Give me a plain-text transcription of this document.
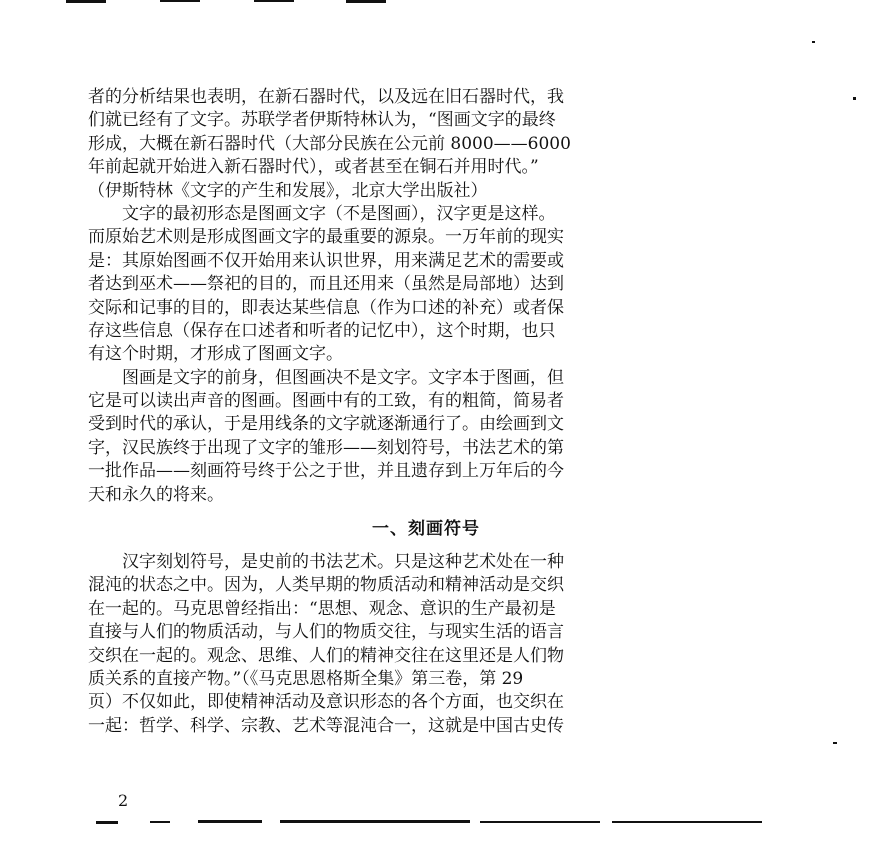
者的分析结果也表明，在新石器时代，以及远在旧石器时代，我
们就已经有了文字。苏联学者伊斯特林认为，“图画文字的最终
形成，大概在新石器时代（大部分民族在公元前 8000——6000
年前起就开始进入新石器时代），或者甚至在铜石并用时代。”
（伊斯特林《文字的产生和发展》，北京大学出版社）
　　文字的最初形态是图画文字（不是图画），汉字更是这样。
而原始艺术则是形成图画文字的最重要的源泉。一万年前的现实
是：其原始图画不仅开始用来认识世界，用来满足艺术的需要或
者达到巫术——祭祀的目的，而且还用来（虽然是局部地）达到
交际和记事的目的，即表达某些信息（作为口述的补充）或者保
存这些信息（保存在口述者和听者的记忆中），这个时期，也只
有这个时期，才形成了图画文字。
　　图画是文字的前身，但图画决不是文字。文字本于图画，但
它是可以读出声音的图画。图画中有的工致，有的粗简，简易者
受到时代的承认，于是用线条的文字就逐渐通行了。由绘画到文
字，汉民族终于出现了文字的雏形——刻划符号，书法艺术的第
一批作品——刻画符号终于公之于世，并且遗存到上万年后的今
天和永久的将来。
一、刻画符号
　　汉字刻划符号，是史前的书法艺术。只是这种艺术处在一种
混沌的状态之中。因为，人类早期的物质活动和精神活动是交织
在一起的。马克思曾经指出：“思想、观念、意识的生产最初是
直接与人们的物质活动，与人们的物质交往，与现实生活的语言
交织在一起的。观念、思维、人们的精神交往在这里还是人们物
质关系的直接产物。”（《马克思恩格斯全集》第三卷，第 29
页）不仅如此，即使精神活动及意识形态的各个方面，也交织在
一起：哲学、科学、宗教、艺术等混沌合一，这就是中国古史传
2
